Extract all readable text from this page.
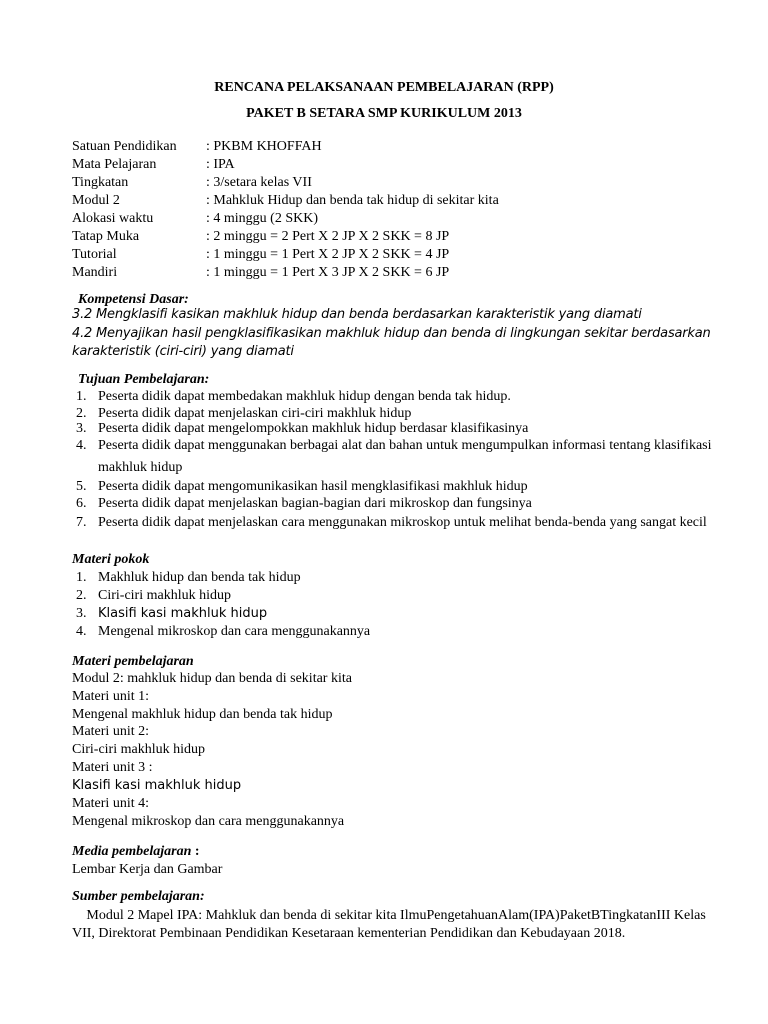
RENCANA PELAKSANAAN PEMBELAJARAN (RPP)
PAKET B SETARA SMP KURIKULUM 2013
Satuan Pendidikan : PKBM KHOFFAH
Mata Pelajaran	: IPA
Tingkatan	: 3/setara kelas VII
Modul 2	: Mahkluk Hidup dan benda tak hidup di sekitar kita
Alokasi waktu	: 4 minggu (2 SKK)
Tatap Muka	: 2 minggu = 2 Pert X 2 JP X 2 SKK = 8 JP
Tutorial	: 1 minggu = 1 Pert X 2 JP X 2 SKK = 4 JP
Mandiri	: 1 minggu = 1 Pert X 3 JP X 2 SKK = 6 JP
Kompetensi Dasar:
3.2 Mengklasifi kasikan makhluk hidup dan benda berdasarkan karakteristik yang diamati
4.2 Menyajikan hasil pengklasifikasikan makhluk hidup dan benda di lingkungan sekitar berdasarkan
karakteristik (ciri-ciri) yang diamati
Tujuan Pembelajaran:
1. Peserta didik dapat membedakan makhluk hidup dengan benda tak hidup.
2. Peserta didik dapat menjelaskan ciri-ciri makhluk hidup
3. Peserta didik dapat mengelompokkan makhluk hidup berdasar klasifikasinya
4. Peserta didik dapat menggunakan berbagai alat dan bahan untuk mengumpulkan informasi tentang klasifikasi makhluk hidup
5. Peserta didik dapat mengomunikasikan hasil mengklasifikasi makhluk hidup
6. Peserta didik dapat menjelaskan bagian-bagian dari mikroskop dan fungsinya
7. Peserta didik dapat menjelaskan cara menggunakan mikroskop untuk melihat benda-benda yang sangat kecil
Materi pokok
1. Makhluk hidup dan benda tak hidup
2. Ciri-ciri makhluk hidup
3. Klasifi kasi makhluk hidup
4. Mengenal mikroskop dan cara menggunakannya
Materi pembelajaran
Modul 2: mahkluk hidup dan benda di sekitar kita
Materi unit 1:
Mengenal makhluk hidup dan benda tak hidup
Materi unit 2:
Ciri-ciri makhluk hidup
Materi unit 3 :
Klasifi kasi makhluk hidup
Materi unit 4:
Mengenal mikroskop dan cara menggunakannya
Media pembelajaran :
Lembar Kerja dan Gambar
Sumber pembelajaran:
Modul 2 Mapel IPA: Mahkluk dan benda di sekitar kita IlmuPengetahuanAlam(IPA)PaketBTingkatanIII Kelas VII, Direktorat Pembinaan Pendidikan Kesetaraan kementerian Pendidikan dan Kebudayaan 2018.
